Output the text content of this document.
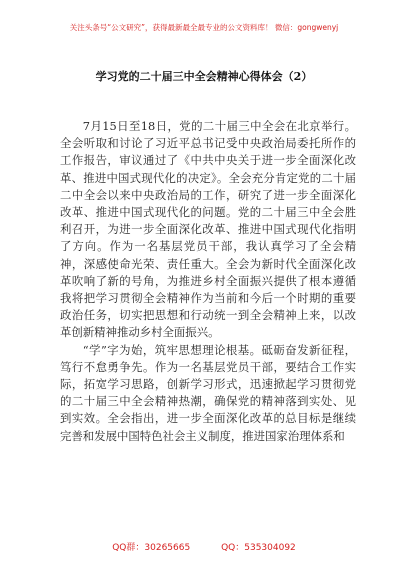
关注头条号“公文研究”，获得最新最全最专业的公文资料库！ 微信：gongwenyj
学习党的二十届三中全会精神心得体会（2）

7月15日至18日，党的二十届三中全会在北京举行。全会听取和讨论了习近平总书记受中央政治局委托所作的工作报告，审议通过了《中共中央关于进一步全面深化改革、推进中国式现代化的决定》。全会充分肯定党的二十届二中全会以来中央政治局的工作，研究了进一步全面深化改革、推进中国式现代化的问题。党的二十届三中全会胜利召开，为进一步全面深化改革、推进中国式现代化指明了方向。作为一名基层党员干部，我认真学习了全会精神，深感使命光荣、责任重大。全会为新时代全面深化改革吹响了新的号角，为推进乡村全面振兴提供了根本遵循我将把学习贯彻全会精神作为当前和今后一个时期的重要政治任务，切实把思想和行动统一到全会精神上来，以改革创新精神推动乡村全面振兴。

“学”字为始，筑牢思想理论根基。砥砺奋发新征程，笃行不怠勇争先。作为一名基层党员干部，要结合工作实际，拓宽学习思路，创新学习形式，迅速掀起学习贯彻党的二十届三中全会精神热潮，确保党的精神落到实处、见到实效。全会指出，进一步全面深化改革的总目标是继续完善和发展中国特色社会主义制度，推进国家治理体系和

QQ群：30265665	QQ：535304092
